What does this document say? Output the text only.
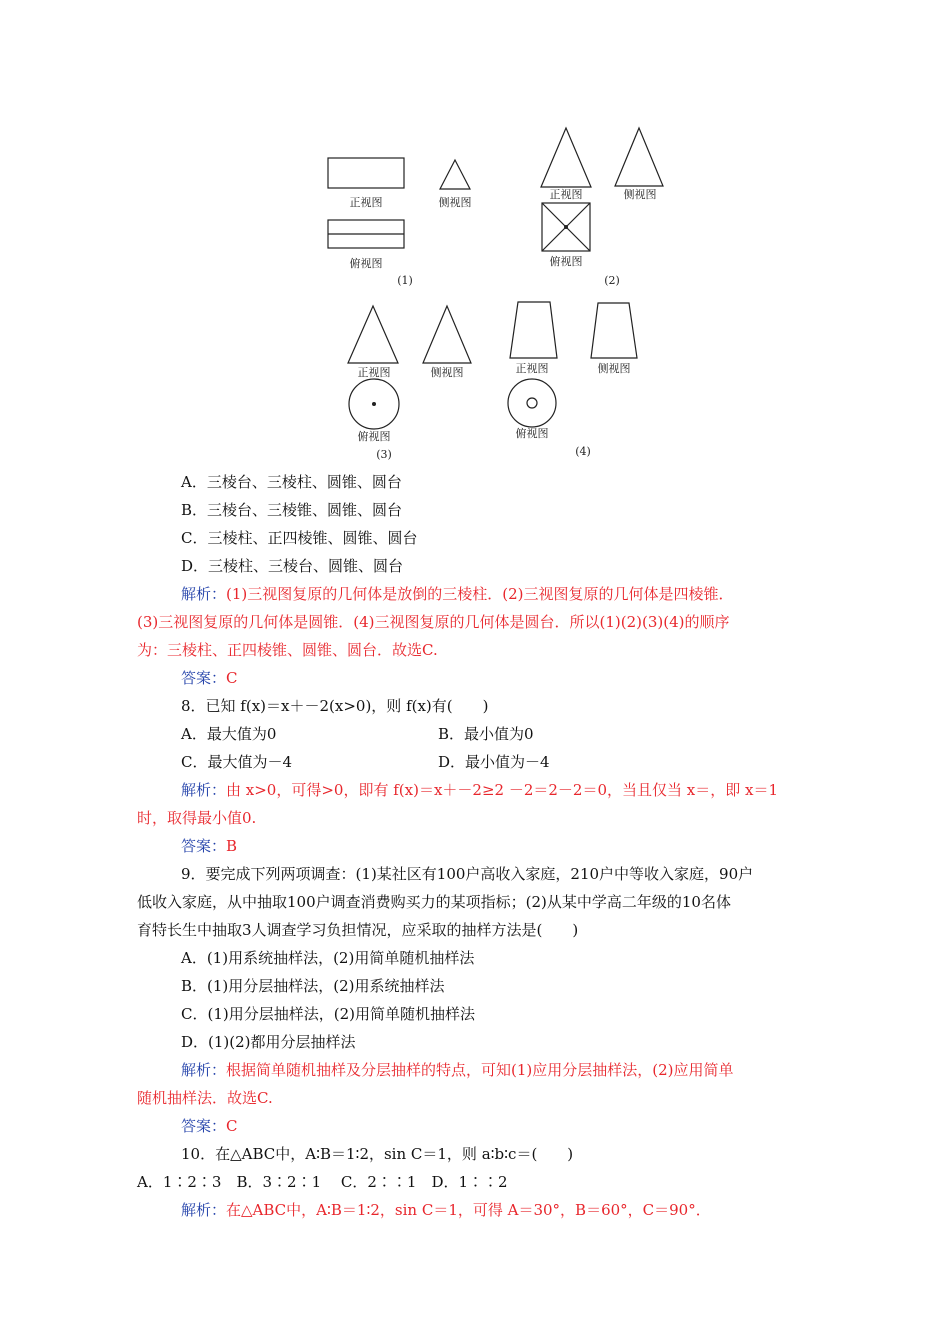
正视图	侧视图
俯视图
(1)
正视图	侧视图
俯视图
(2)
正视图	侧视图
俯视图
(3)
正视图	侧视图
俯视图
(4)
A．三棱台、三棱柱、圆锥、圆台
B．三棱台、三棱锥、圆锥、圆台
C．三棱柱、正四棱锥、圆锥、圆台
D．三棱柱、三棱台、圆锥、圆台
解析：(1)三视图复原的几何体是放倒的三棱柱．(2)三视图复原的几何体是四棱锥．
(3)三视图复原的几何体是圆锥．(4)三视图复原的几何体是圆台．所以(1)(2)(3)(4)的顺序
为：三棱柱、正四棱锥、圆锥、圆台．故选C.
答案：C
8．已知 f(x)＝x＋－2(x>0)，则 f(x)有(　　)
A．最大值为0	B．最小值为0
C．最大值为－4	D．最小值为－4
解析：由 x>0，可得>0，即有 f(x)＝x＋－2≥2 －2＝2－2＝0，当且仅当 x＝，即 x＝1
时，取得最小值0.
答案：B
9．要完成下列两项调查：(1)某社区有100户高收入家庭，210户中等收入家庭，90户
低收入家庭，从中抽取100户调查消费购买力的某项指标；(2)从某中学高二年级的10名体
育特长生中抽取3人调查学习负担情况，应采取的抽样方法是(　　)
A．(1)用系统抽样法，(2)用简单随机抽样法
B．(1)用分层抽样法，(2)用系统抽样法
C．(1)用分层抽样法，(2)用简单随机抽样法
D．(1)(2)都用分层抽样法
解析：根据简单随机抽样及分层抽样的特点，可知(1)应用分层抽样法，(2)应用简单
随机抽样法．故选C.
答案：C
10．在△ABC中，A∶B＝1∶2，sin C＝1，则 a∶b∶c＝(　　)
A．1∶2∶3　B．3∶2∶1　 C．2∶∶1　D．1∶∶2
解析：在△ABC中，A∶B＝1∶2，sin C＝1，可得 A＝30°，B＝60°，C＝90°．
